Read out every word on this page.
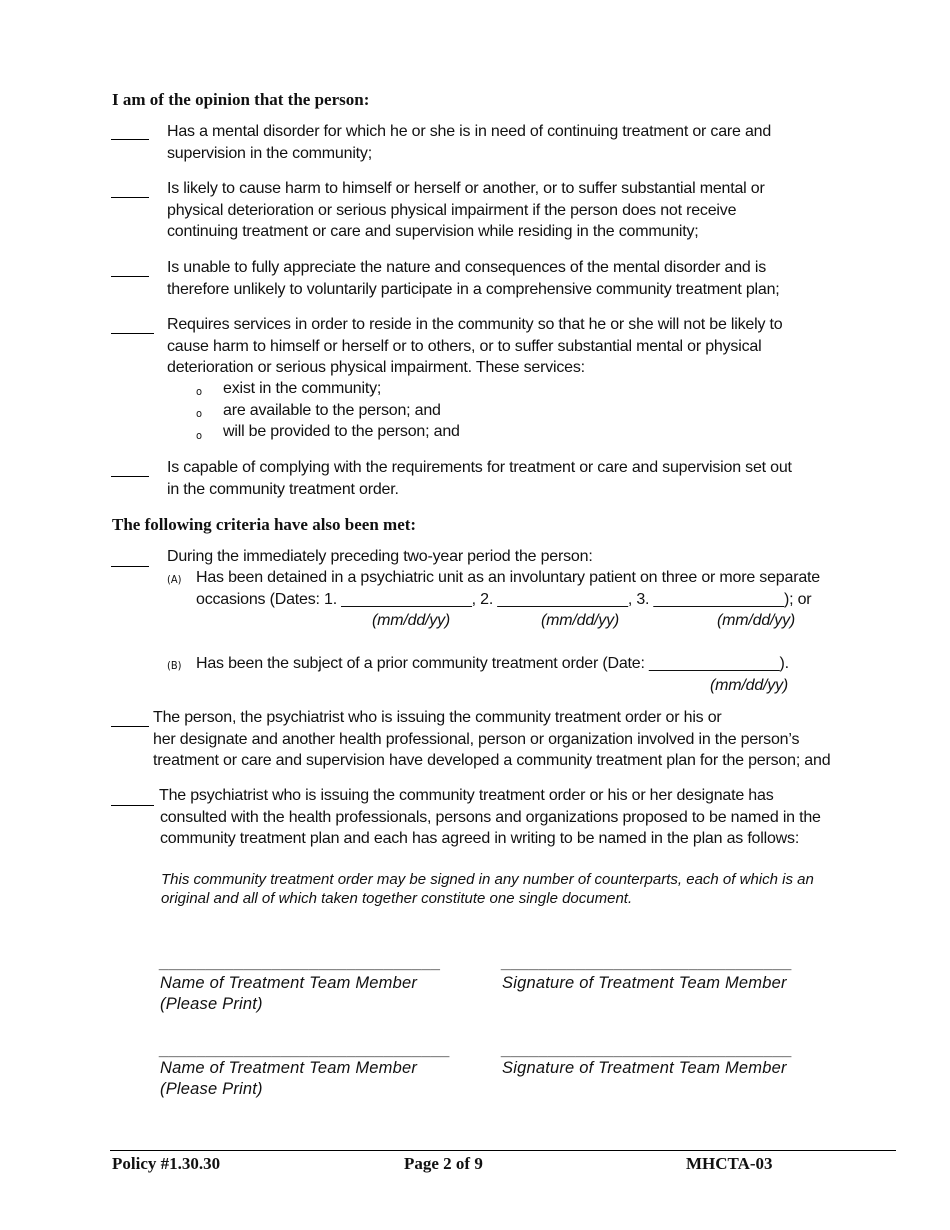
I am of the opinion that the person:
Has a mental disorder for which he or she is in need of continuing treatment or care and
supervision in the community;
Is likely to cause harm to himself or herself or another, or to suffer substantial mental or
physical deterioration or serious physical impairment if the person does not receive
continuing treatment or care and supervision while residing in the community;
Is unable to fully appreciate the nature and consequences of the mental disorder and is
therefore unlikely to voluntarily participate in a comprehensive community treatment plan;
Requires services in order to reside in the community so that he or she will not be likely to
cause harm to himself or herself or to others, or to suffer substantial mental or physical
deterioration or serious physical impairment. These services:
o exist in the community;
o are available to the person; and
o will be provided to the person; and
Is capable of complying with the requirements for treatment or care and supervision set out
in the community treatment order.
The following criteria have also been met:
During the immediately preceding two-year period the person:
(A) Has been detained in a psychiatric unit as an involuntary patient on three or more separate
occasions (Dates: 1. _______________, 2. _______________, 3. _______________); or
(mm/dd/yy)	(mm/dd/yy)	(mm/dd/yy)
(B) Has been the subject of a prior community treatment order (Date: _______________).
(mm/dd/yy)
The person, the psychiatrist who is issuing the community treatment order or his or
her designate and another health professional, person or organization involved in the person’s
treatment or care and supervision have developed a community treatment plan for the person; and
The psychiatrist who is issuing the community treatment order or his or her designate has
consulted with the health professionals, persons and organizations proposed to be named in the
community treatment plan and each has agreed in writing to be named in the plan as follows:
This community treatment order may be signed in any number of counterparts, each of which is an
original and all of which taken together constitute one single document.
______________________________
Name of Treatment Team Member
(Please Print)
_______________________________
Signature of Treatment Team Member
_______________________________
Name of Treatment Team Member
(Please Print)
_______________________________
Signature of Treatment Team Member
Policy #1.30.30	Page 2 of 9	MHCTA-03
